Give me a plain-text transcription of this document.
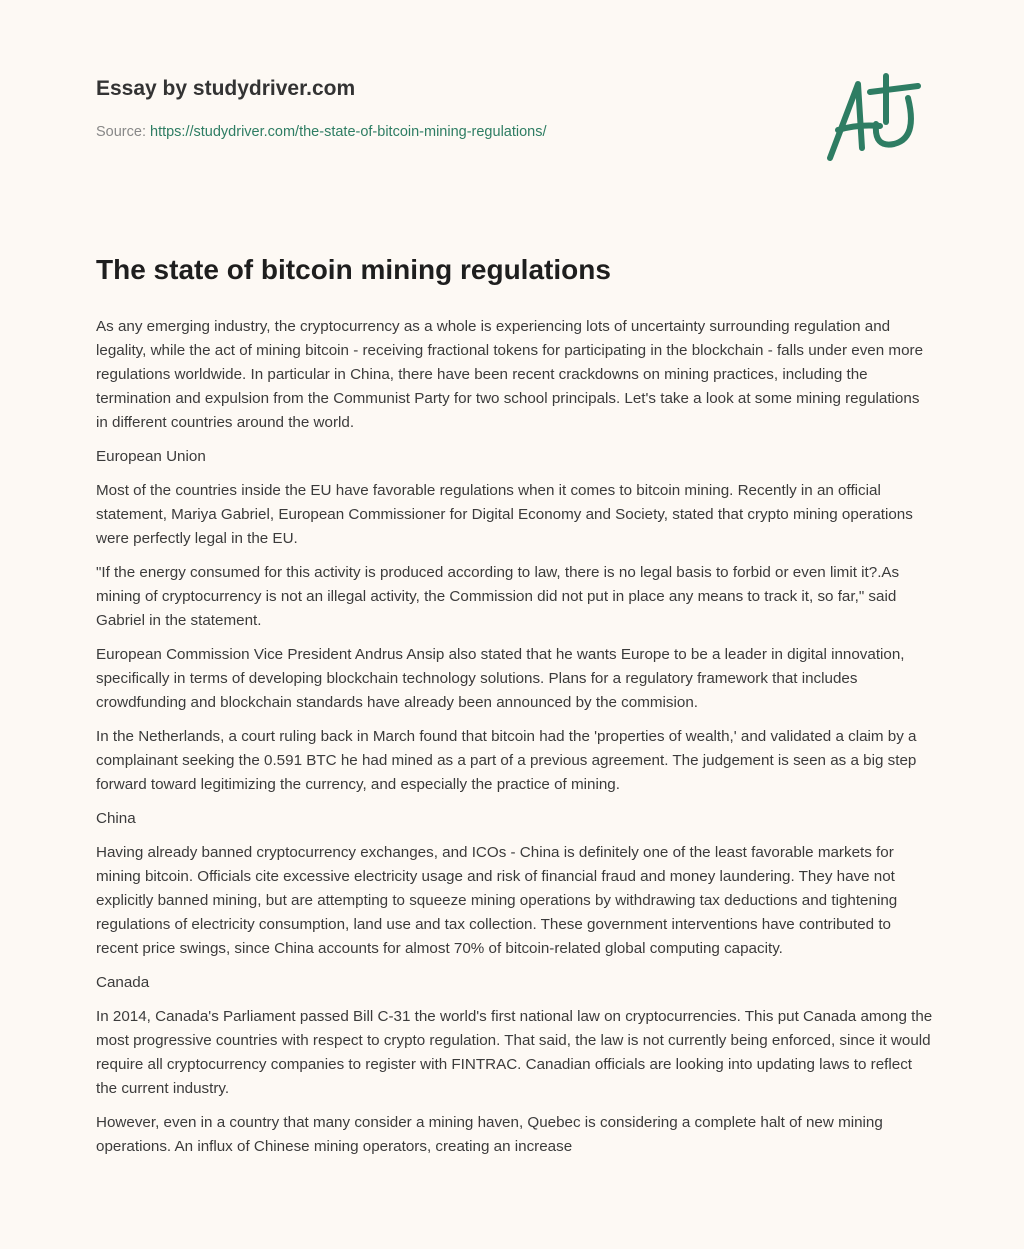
Essay by studydriver.com
Source: https://studydriver.com/the-state-of-bitcoin-mining-regulations/
The state of bitcoin mining regulations

As any emerging industry, the cryptocurrency as a whole is experiencing lots of uncertainty surrounding regulation and legality, while the act of mining bitcoin - receiving fractional tokens for participating in the blockchain - falls under even more regulations worldwide. In particular in China, there have been recent crackdowns on mining practices, including the termination and expulsion from the Communist Party for two school principals. Let's take a look at some mining regulations in different countries around the world.

European Union

Most of the countries inside the EU have favorable regulations when it comes to bitcoin mining. Recently in an official statement, Mariya Gabriel, European Commissioner for Digital Economy and Society, stated that crypto mining operations were perfectly legal in the EU.

"If the energy consumed for this activity is produced according to law, there is no legal basis to forbid or even limit it?.As mining of cryptocurrency is not an illegal activity, the Commission did not put in place any means to track it, so far," said Gabriel in the statement.

European Commission Vice President Andrus Ansip also stated that he wants Europe to be a leader in digital innovation, specifically in terms of developing blockchain technology solutions. Plans for a regulatory framework that includes crowdfunding and blockchain standards have already been announced by the commision.

In the Netherlands, a court ruling back in March found that bitcoin had the 'properties of wealth,' and validated a claim by a complainant seeking the 0.591 BTC he had mined as a part of a previous agreement. The judgement is seen as a big step forward toward legitimizing the currency, and especially the practice of mining.

China

Having already banned cryptocurrency exchanges, and ICOs - China is definitely one of the least favorable markets for mining bitcoin. Officials cite excessive electricity usage and risk of financial fraud and money laundering. They have not explicitly banned mining, but are attempting to squeeze mining operations by withdrawing tax deductions and tightening regulations of electricity consumption, land use and tax collection. These government interventions have contributed to recent price swings, since China accounts for almost 70% of bitcoin-related global computing capacity.

Canada

In 2014, Canada's Parliament passed Bill C-31 the world's first national law on cryptocurrencies. This put Canada among the most progressive countries with respect to crypto regulation. That said, the law is not currently being enforced, since it would require all cryptocurrency companies to register with FINTRAC. Canadian officials are looking into updating laws to reflect the current industry.

However, even in a country that many consider a mining haven, Quebec is considering a complete halt of new mining operations. An influx of Chinese mining operators, creating an increase
